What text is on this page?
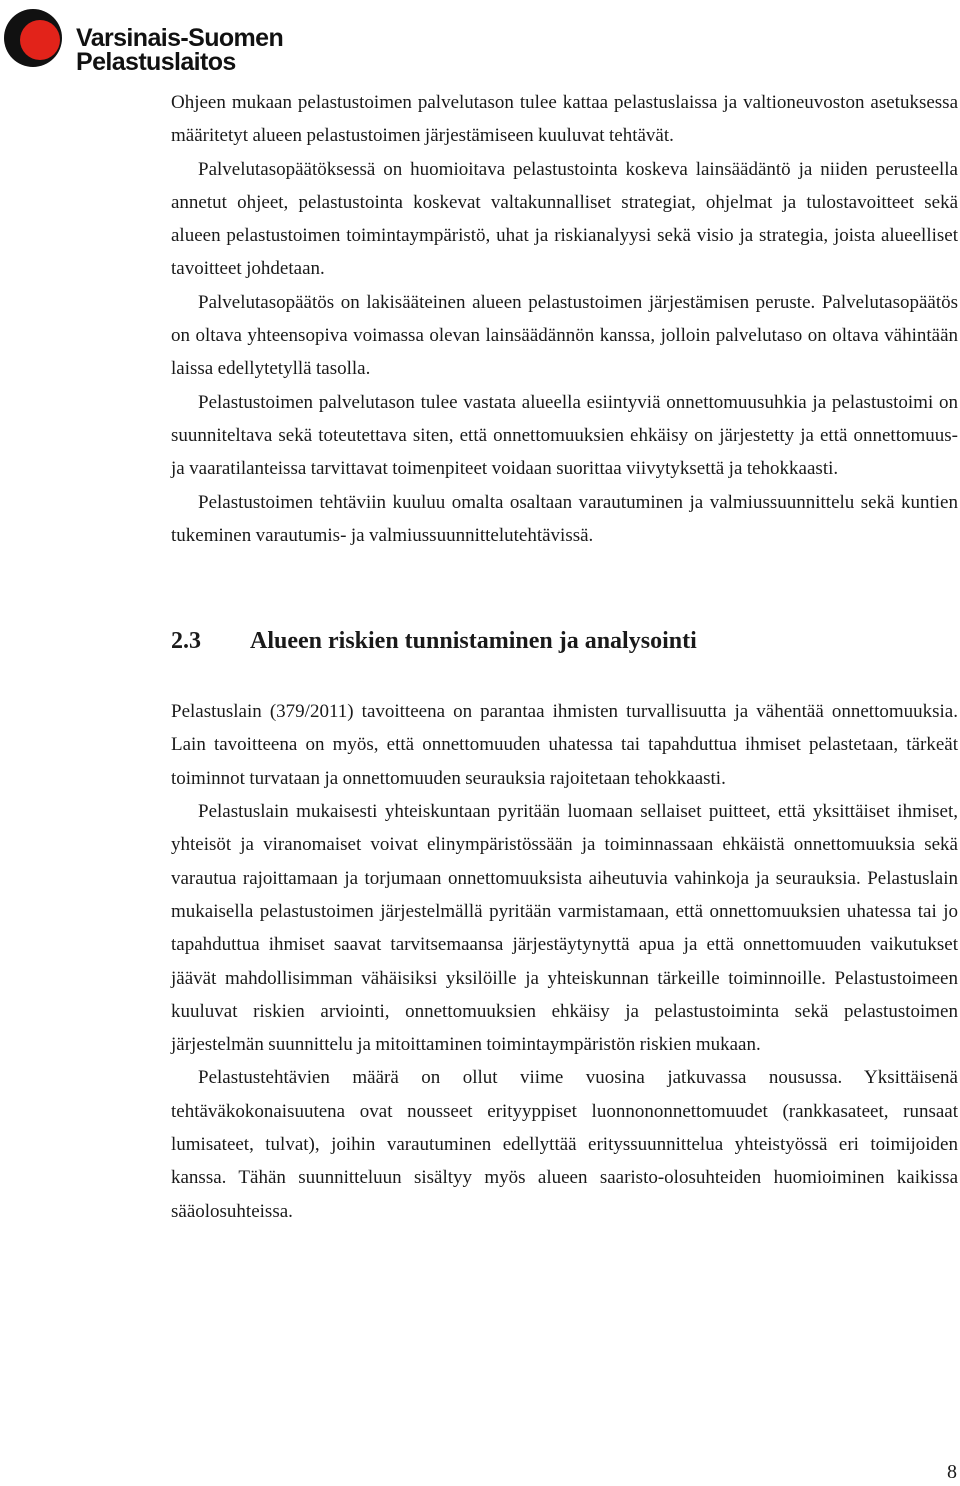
Varsinais-Suomen
Pelastuslaitos

Ohjeen mukaan pelastustoimen palvelutason tulee kattaa pelastuslaissa ja valtioneuvoston asetuksessa määritetyt alueen pelastustoimen järjestämiseen kuuluvat tehtävät.

Palvelutasopäätöksessä on huomioitava pelastustointa koskeva lainsäädäntö ja niiden perusteella annetut ohjeet, pelastustointa koskevat valtakunnalliset strategiat, ohjelmat ja tulostavoitteet sekä alueen pelastustoimen toimintaympäristö, uhat ja riskianalyysi sekä visio ja strategia, joista alueelliset tavoitteet johdetaan.

Palvelutasopäätös on lakisääteinen alueen pelastustoimen järjestämisen peruste. Palvelutasopäätös on oltava yhteensopiva voimassa olevan lainsäädännön kanssa, jolloin palvelutaso on oltava vähintään laissa edellytetyllä tasolla.

Pelastustoimen palvelutason tulee vastata alueella esiintyviä onnettomuusuhkia ja pelastustoimi on suunniteltava sekä toteutettava siten, että onnettomuuksien ehkäisy on järjestetty ja että onnettomuus- ja vaaratilanteissa tarvittavat toimenpiteet voidaan suorittaa viivytyksettä ja tehokkaasti.

Pelastustoimen tehtäviin kuuluu omalta osaltaan varautuminen ja valmiussuunnittelu sekä kuntien tukeminen varautumis- ja valmiussuunnittelutehtävissä.

2.3 Alueen riskien tunnistaminen ja analysointi

Pelastuslain (379/2011) tavoitteena on parantaa ihmisten turvallisuutta ja vähentää onnettomuuksia. Lain tavoitteena on myös, että onnettomuuden uhatessa tai tapahduttua ihmiset pelastetaan, tärkeät toiminnot turvataan ja onnettomuuden seurauksia rajoitetaan tehokkaasti.

Pelastuslain mukaisesti yhteiskuntaan pyritään luomaan sellaiset puitteet, että yksittäiset ihmiset, yhteisöt ja viranomaiset voivat elinympäristössään ja toiminnassaan ehkäistä onnettomuuksia sekä varautua rajoittamaan ja torjumaan onnettomuuksista aiheutuvia vahinkoja ja seurauksia. Pelastuslain mukaisella pelastustoimen järjestelmällä pyritään varmistamaan, että onnettomuuksien uhatessa tai jo tapahduttua ihmiset saavat tarvitsemaansa järjestäytynyttä apua ja että onnettomuuden vaikutukset jäävät mahdollisimman vähäisiksi yksilöille ja yhteiskunnan tärkeille toiminnoille. Pelastustoimeen kuuluvat riskien arviointi, onnettomuuksien ehkäisy ja pelastustoiminta sekä pelastustoimen järjestelmän suunnittelu ja mitoittaminen toimintaympäristön riskien mukaan.

Pelastustehtävien määrä on ollut viime vuosina jatkuvassa nousussa. Yksittäisenä tehtäväkokonaisuutena ovat nousseet erityyppiset luonnononnettomuudet (rankkasateet, runsaat lumisateet, tulvat), joihin varautuminen edellyttää erityssuunnittelua yhteistyössä eri toimijoiden kanssa. Tähän suunnitteluun sisältyy myös alueen saaristo-olosuhteiden huomioiminen kaikissa sääolosuhteissa.

8
